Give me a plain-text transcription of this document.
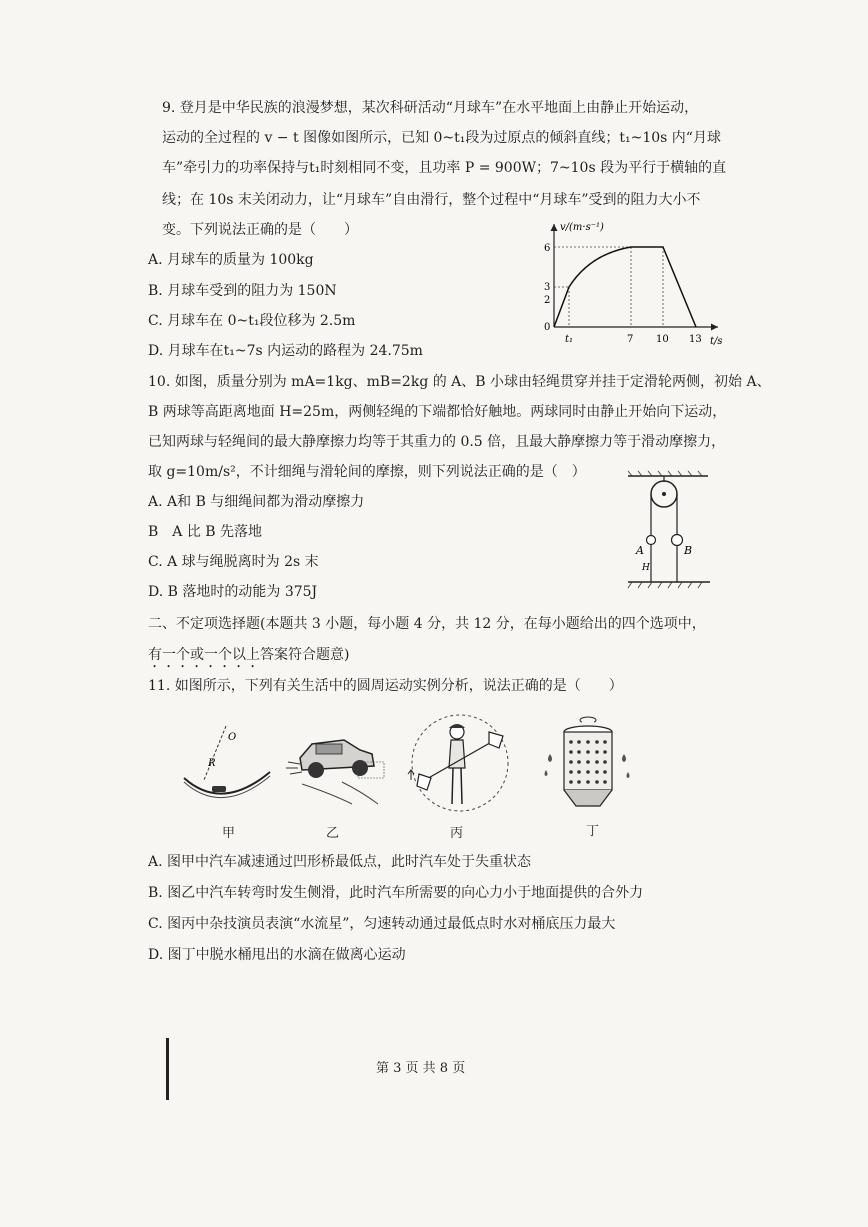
9. 登月是中华民族的浪漫梦想，某次科研活动“月球车”在水平地面上由静止开始运动，
运动的全过程的 v − t 图像如图所示，已知 0~t₁段为过原点的倾斜直线；t₁~10s 内“月球
车”牵引力的功率保持与t₁时刻相同不变，且功率 P = 900W；7~10s 段为平行于横轴的直
线；在 10s 末关闭动力，让“月球车”自由滑行，整个过程中“月球车”受到的阻力大小不
变。下列说法正确的是（　　）
A. 月球车的质量为 100kg
B. 月球车受到的阻力为 150N
C. 月球车在 0~t₁段位移为 2.5m
D. 月球车在t₁~7s 内运动的路程为 24.75m
v/(m·s⁻¹)
t/s
6
3
2
0
t₁	7 10 13
10. 如图，质量分别为 mA=1kg、mB=2kg 的 A、B 小球由轻绳贯穿并挂于定滑轮两侧，初始 A、
B 两球等高距离地面 H=25m，两侧轻绳的下端都恰好触地。两球同时由静止开始向下运动，
已知两球与轻绳间的最大静摩擦力均等于其重力的 0.5 倍，且最大静摩擦力等于滑动摩擦力，
取 g=10m/s²，不计细绳与滑轮间的摩擦，则下列说法正确的是（　）
A. A和 B 与细绳间都为滑动摩擦力
B　A 比 B 先落地
C. A 球与绳脱离时为 2s 末
D. B 落地时的动能为 375J
A	B
H
二、不定项选择题(本题共 3 小题，每小题 4 分，共 12 分，在每小题给出的四个选项中，
有一个或一个以上答案符合题意)
11. 如图所示，下列有关生活中的圆周运动实例分析，说法正确的是（　　）
O
R
甲	乙	丙	丁
A. 图甲中汽车减速通过凹形桥最低点，此时汽车处于失重状态
B. 图乙中汽车转弯时发生侧滑，此时汽车所需要的向心力小于地面提供的合外力
C. 图丙中杂技演员表演“水流星”，匀速转动通过最低点时水对桶底压力最大
D. 图丁中脱水桶甩出的水滴在做离心运动
第 3 页 共 8 页
